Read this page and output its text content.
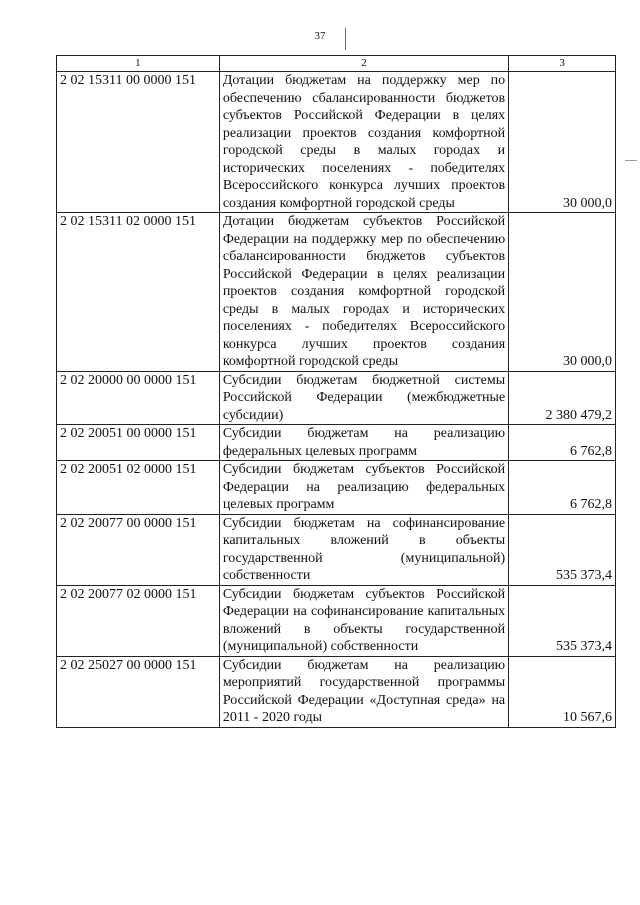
37
1	2	3
2 02 15311 00 0000 151	Дотации бюджетам на поддержку мер по обеспечению сбалансированности бюджетов субъектов Российской Федерации в целях реализации проектов создания комфортной городской среды в малых городах и исторических поселениях - победителях Всероссийского конкурса лучших проектов создания комфортной городской среды	30 000,0
2 02 15311 02 0000 151	Дотации бюджетам субъектов Российской Федерации на поддержку мер по обеспечению сбалансированности бюджетов субъектов Российской Федерации в целях реализации проектов создания комфортной городской среды в малых городах и исторических поселениях - победителях Всероссийского конкурса лучших проектов создания комфортной городской среды	30 000,0
2 02 20000 00 0000 151	Субсидии бюджетам бюджетной системы Российской Федерации (межбюджетные субсидии)	2 380 479,2
2 02 20051 00 0000 151	Субсидии бюджетам на реализацию федеральных целевых программ	6 762,8
2 02 20051 02 0000 151	Субсидии бюджетам субъектов Российской Федерации на реализацию федеральных целевых программ	6 762,8
2 02 20077 00 0000 151	Субсидии бюджетам на софинансирование капитальных вложений в объекты государственной (муниципальной) собственности	535 373,4
2 02 20077 02 0000 151	Субсидии бюджетам субъектов Российской Федерации на софинансирование капитальных вложений в объекты государственной (муниципальной) собственности	535 373,4
2 02 25027 00 0000 151	Субсидии бюджетам на реализацию мероприятий государственной программы Российской Федерации «Доступная среда» на 2011 - 2020 годы	10 567,6
